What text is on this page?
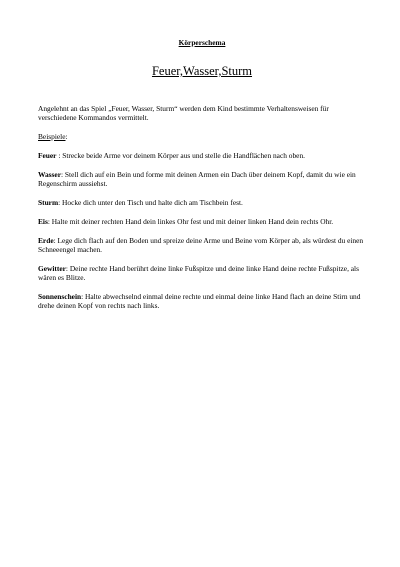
Körperschema

Feuer,Wasser,Sturm

Angelehnt an das Spiel „Feuer, Wasser, Sturm“ werden dem Kind bestimmte Verhaltensweisen für verschiedene Kommandos vermittelt.

Beispiele:

Feuer : Strecke beide Arme vor deinem Körper aus und stelle die Handflächen nach oben.

Wasser: Stell dich auf ein Bein und forme mit deinen Armen ein Dach über deinem Kopf, damit du wie ein Regenschirm aussiehst.

Sturm: Hocke dich unter den Tisch und halte dich am Tischbein fest.

Eis: Halte mit deiner rechten Hand dein linkes Ohr fest und mit deiner linken Hand dein rechts Ohr.

Erde: Lege dich flach auf den Boden und spreize deine Arme und Beine vom Körper ab, als würdest du einen Schneeengel machen.

Gewitter: Deine rechte Hand berührt deine linke Fußspitze und deine linke Hand deine rechte Fußspitze, als wären es Blitze.

Sonnenschein: Halte abwechselnd einmal deine rechte und einmal deine linke Hand flach an deine Stirn und drehe deinen Kopf von rechts nach links.
